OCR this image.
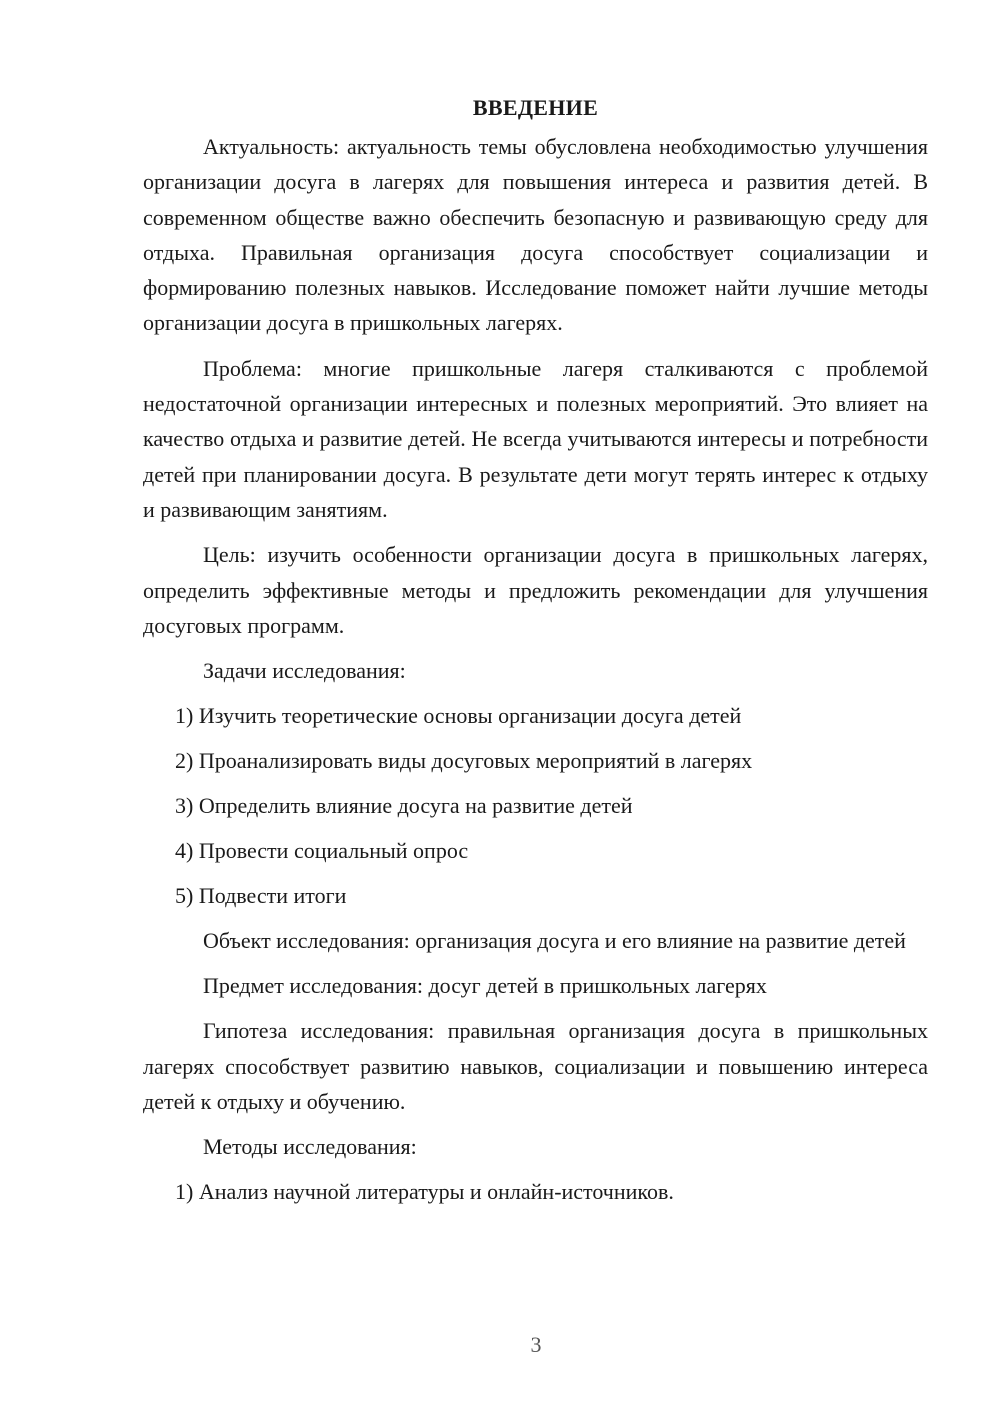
ВВЕДЕНИЕ

Актуальность: актуальность темы обусловлена необходимостью улучшения организации досуга в лагерях для повышения интереса и развития детей. В современном обществе важно обеспечить безопасную и развивающую среду для отдыха. Правильная организация досуга способствует социализации и формированию полезных навыков. Исследование поможет найти лучшие методы организации досуга в пришкольных лагерях.

Проблема: многие пришкольные лагеря сталкиваются с проблемой недостаточной организации интересных и полезных мероприятий. Это влияет на качество отдыха и развитие детей. Не всегда учитываются интересы и потребности детей при планировании досуга. В результате дети могут терять интерес к отдыху и развивающим занятиям.

Цель: изучить особенности организации досуга в пришкольных лагерях, определить эффективные методы и предложить рекомендации для улучшения досуговых программ.

Задачи исследования:

1) Изучить теоретические основы организации досуга детей

2) Проанализировать виды досуговых мероприятий в лагерях

3) Определить влияние досуга на развитие детей

4) Провести социальный опрос

5) Подвести итоги

Объект исследования: организация досуга и его влияние на развитие детей

Предмет исследования: досуг детей в пришкольных лагерях

Гипотеза исследования: правильная организация досуга в пришкольных лагерях способствует развитию навыков, социализации и повышению интереса детей к отдыху и обучению.

Методы исследования:

1) Анализ научной литературы и онлайн-источников.

3
